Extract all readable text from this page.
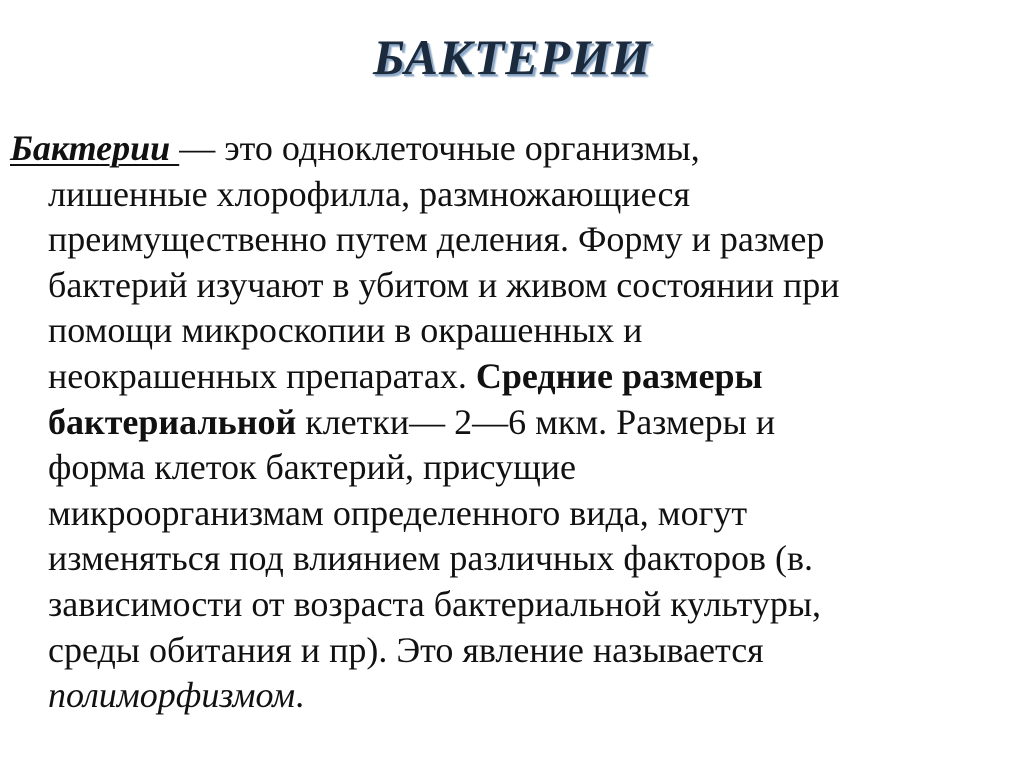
БАКТЕРИИ
Бактерии — это одноклеточные организмы,
лишенные хлорофилла, размножающиеся
преимущественно путем деления. Форму и размер
бактерий изучают в убитом и живом состоянии при
помощи микроскопии в окрашенных и
неокрашенных препаратах. Средние размеры
бактериальной клетки— 2—6 мкм. Размеры и
форма клеток бактерий, присущие
микроорганизмам определенного вида, могут
изменяться под влиянием различных факторов (в.
зависимости от возраста бактериальной культуры,
среды обитания и пр). Это явление называется
полиморфизмом.
